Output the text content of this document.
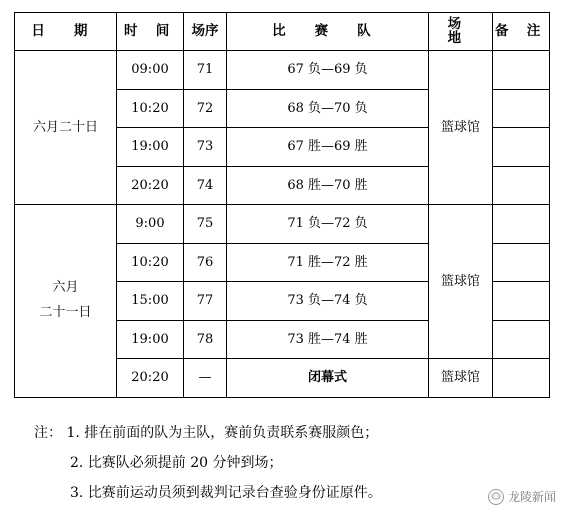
日 期	时 间	场序	比 赛 队	场 地	备 注
六月二十日	09:00	71	67 负—69 负	篮球馆	
	10:20	72	68 负—70 负		
	19:00	73	67 胜—69 胜		
	20:20	74	68 胜—70 胜		

六月
二十一日	9:00	75	71 负—72 负	篮球馆	
	10:20	76	71 胜—72 胜		
	15:00	77	73 负—74 负		
	19:00	78	73 胜—74 胜		
	20:20	—	闭幕式	篮球馆	
注： 1. 排在前面的队为主队，赛前负责联系赛服颜色；
2. 比赛队必须提前 20 分钟到场；
3. 比赛前运动员须到裁判记录台查验身份证原件。	龙陵新闻
